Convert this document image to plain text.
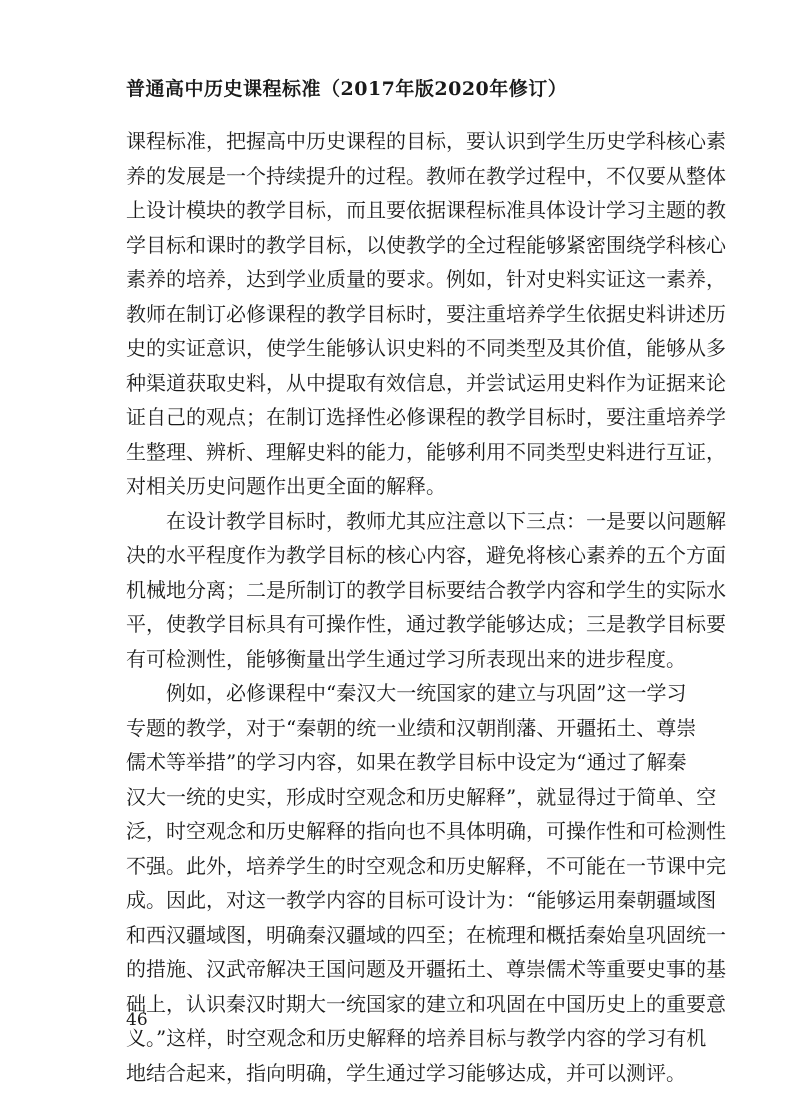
普通高中历史课程标准（2017年版2020年修订）
课程标准，把握高中历史课程的目标，要认识到学生历史学科核心素
养的发展是一个持续提升的过程。教师在教学过程中，不仅要从整体
上设计模块的教学目标，而且要依据课程标准具体设计学习主题的教
学目标和课时的教学目标，以使教学的全过程能够紧密围绕学科核心
素养的培养，达到学业质量的要求。例如，针对史料实证这一素养，
教师在制订必修课程的教学目标时，要注重培养学生依据史料讲述历
史的实证意识，使学生能够认识史料的不同类型及其价值，能够从多
种渠道获取史料，从中提取有效信息，并尝试运用史料作为证据来论
证自己的观点；在制订选择性必修课程的教学目标时，要注重培养学
生整理、辨析、理解史料的能力，能够利用不同类型史料进行互证，
对相关历史问题作出更全面的解释。
　　在设计教学目标时，教师尤其应注意以下三点：一是要以问题解
决的水平程度作为教学目标的核心内容，避免将核心素养的五个方面
机械地分离；二是所制订的教学目标要结合教学内容和学生的实际水
平，使教学目标具有可操作性，通过教学能够达成；三是教学目标要
有可检测性，能够衡量出学生通过学习所表现出来的进步程度。
　　例如，必修课程中“秦汉大一统国家的建立与巩固”这一学习
专题的教学，对于“秦朝的统一业绩和汉朝削藩、开疆拓土、尊崇
儒术等举措”的学习内容，如果在教学目标中设定为“通过了解秦
汉大一统的史实，形成时空观念和历史解释”，就显得过于简单、空
泛，时空观念和历史解释的指向也不具体明确，可操作性和可检测性
不强。此外，培养学生的时空观念和历史解释，不可能在一节课中完
成。因此，对这一教学内容的目标可设计为：“能够运用秦朝疆域图
和西汉疆域图，明确秦汉疆域的四至；在梳理和概括秦始皇巩固统一
的措施、汉武帝解决王国问题及开疆拓土、尊崇儒术等重要史事的基
础上，认识秦汉时期大一统国家的建立和巩固在中国历史上的重要意
义。”这样，时空观念和历史解释的培养目标与教学内容的学习有机
地结合起来，指向明确，学生通过学习能够达成，并可以测评。
46
